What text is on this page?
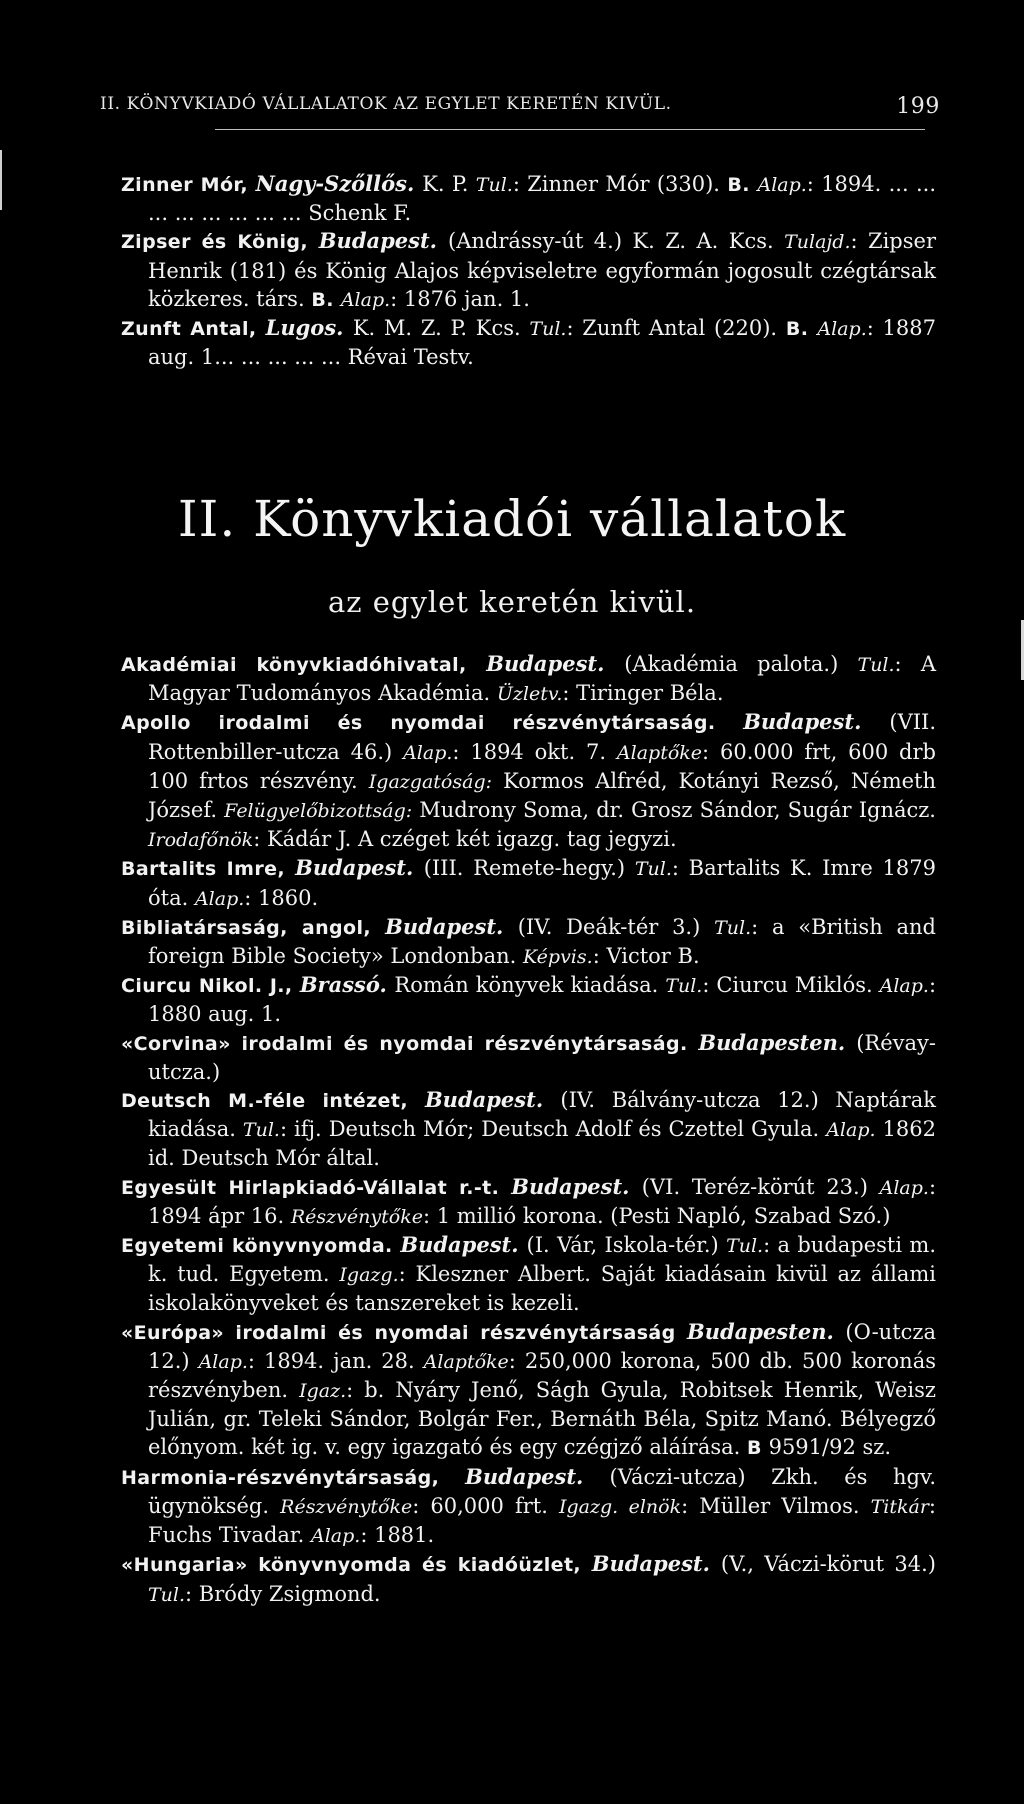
II. KÖNYVKIADÓ VÁLLALATOK AZ EGYLET KERETÉN KIVÜL.	199

Zinner Mór, Nagy-Szőllős. K. P. Tul.: Zinner Mór (330). B. Alap.: 1894. ... ... ... ... ... ... ... ... Schenk F.

Zipser és König, Budapest. (Andrássy-út 4.) K. Z. A. Kcs. Tulajd.: Zipser Henrik (181) és König Alajos képviseletre egyformán jogosult czégtársak közkeres. társ. B. Alap.: 1876 jan. 1.

Zunft Antal, Lugos. K. M. Z. P. Kcs. Tul.: Zunft Antal (220). B. Alap.: 1887 aug. 1... ... ... ... ... Révai Testv.

II. Könyvkiadói vállalatok
az egylet keretén kivül.

Akadémiai könyvkiadóhivatal, Budapest. (Akadémia palota.) Tul.: A Magyar Tudományos Akadémia. Üzletv.: Tiringer Béla.

Apollo irodalmi és nyomdai részvénytársaság. Budapest. (VII. Rottenbiller-utcza 46.) Alap.: 1894 okt. 7. Alaptőke: 60.000 frt, 600 drb 100 frtos részvény. Igazgatóság: Kormos Alfréd, Kotányi Rezső, Németh József. Felügyelőbizottság: Mudrony Soma, dr. Grosz Sándor, Sugár Ignácz. Irodafőnök: Kádár J. A czéget két igazg. tag jegyzi.

Bartalits Imre, Budapest. (III. Remete-hegy.) Tul.: Bartalits K. Imre 1879 óta. Alap.: 1860.

Bibliatársaság, angol, Budapest. (IV. Deák-tér 3.) Tul.: a «British and foreign Bible Society» Londonban. Képvis.: Victor B.

Ciurcu Nikol. J., Brassó. Román könyvek kiadása. Tul.: Ciurcu Miklós. Alap.: 1880 aug. 1.

«Corvina» irodalmi és nyomdai részvénytársaság. Budapesten. (Révay-utcza.)

Deutsch M.-féle intézet, Budapest. (IV. Bálvány-utcza 12.) Naptárak kiadása. Tul.: ifj. Deutsch Mór; Deutsch Adolf és Czettel Gyula. Alap. 1862 id. Deutsch Mór által.

Egyesült Hirlapkiadó-Vállalat r.-t. Budapest. (VI. Teréz-körút 23.) Alap.: 1894 ápr 16. Részvénytőke: 1 millió korona. (Pesti Napló, Szabad Szó.)

Egyetemi könyvnyomda. Budapest. (I. Vár, Iskola-tér.) Tul.: a budapesti m. k. tud. Egyetem. Igazg.: Kleszner Albert. Saját kiadásain kivül az állami iskolakönyveket és tanszereket is kezeli.

«Európa» irodalmi és nyomdai részvénytársaság Budapesten. (O-utcza 12.) Alap.: 1894. jan. 28. Alaptőke: 250,000 korona, 500 db. 500 koronás részvényben. Igaz.: b. Nyáry Jenő, Ságh Gyula, Robitsek Henrik, Weisz Julián, gr. Teleki Sándor, Bolgár Fer., Bernáth Béla, Spitz Manó. Bélyegző előnyom. két ig. v. egy igazgató és egy czégjző aláírása. B 9591/92 sz.

Harmonia-részvénytársaság, Budapest. (Váczi-utcza) Zkh. és hgv. ügynökség. Részvénytőke: 60,000 frt. Igazg. elnök: Müller Vilmos. Titkár: Fuchs Tivadar. Alap.: 1881.

«Hungaria» könyvnyomda és kiadóüzlet, Budapest. (V., Váczi-körut 34.) Tul.: Bródy Zsigmond.
